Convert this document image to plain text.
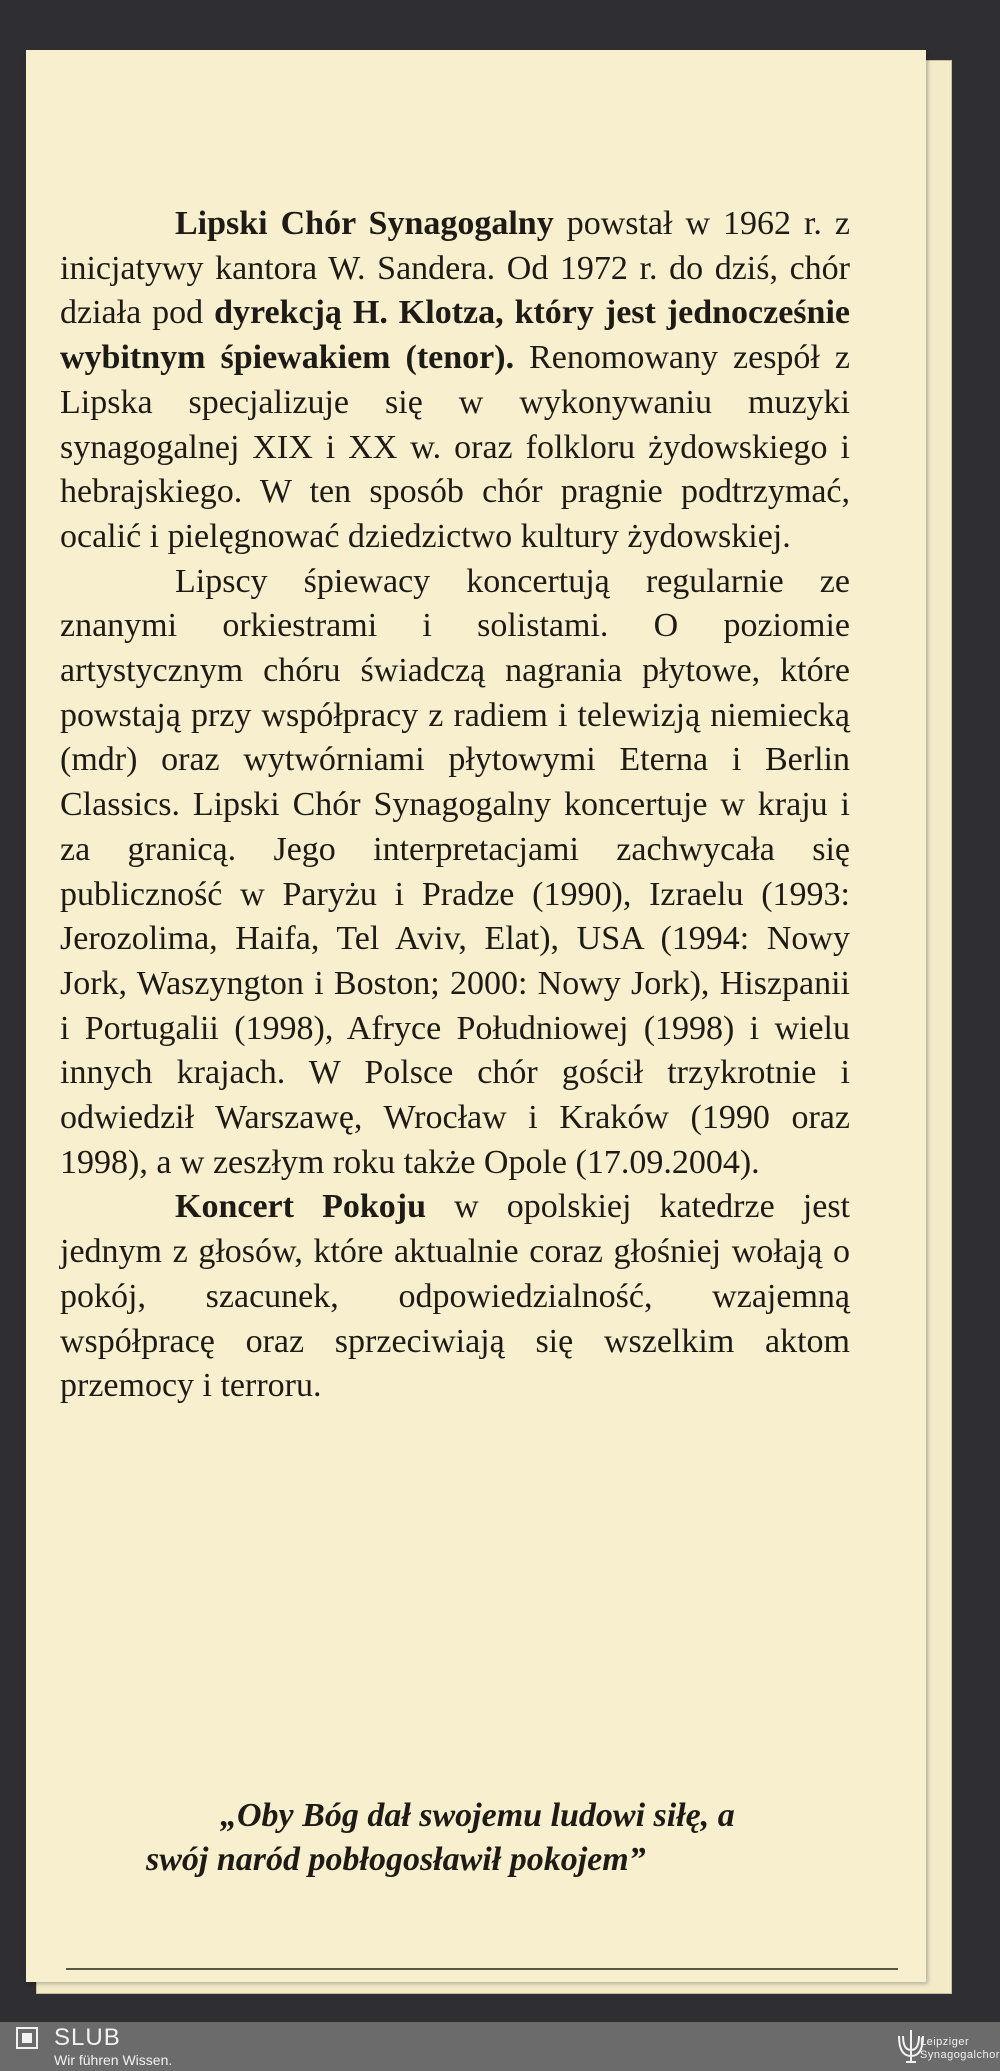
Lipski Chór Synagogalny powstał w 1962 r. z inicjatywy kantora W. Sandera. Od 1972 r. do dziś, chór działa pod dyrekcją H. Klotza, który jest jednocześnie wybitnym śpiewakiem (tenor). Renomowany zespół z Lipska specjalizuje się w wykonywaniu muzyki synagogalnej XIX i XX w. oraz folkloru żydowskiego i hebrajskiego. W ten sposób chór pragnie podtrzymać, ocalić i pielęgnować dziedzictwo kultury żydowskiej.

Lipscy śpiewacy koncertują regularnie ze znanymi orkiestrami i solistami. O poziomie artystycznym chóru świadczą nagrania płytowe, które powstają przy współpracy z radiem i telewizją niemiecką (mdr) oraz wytwórniami płytowymi Eterna i Berlin Classics. Lipski Chór Synagogalny koncertuje w kraju i za granicą. Jego interpretacjami zachwycała się publiczność w Paryżu i Pradze (1990), Izraelu (1993: Jerozolima, Haifa, Tel Aviv, Elat), USA (1994: Nowy Jork, Waszyngton i Boston; 2000: Nowy Jork), Hiszpanii i Portugalii (1998), Afryce Południowej (1998) i wielu innych krajach. W Polsce chór gościł trzykrotnie i odwiedził Warszawę, Wrocław i Kraków (1990 oraz 1998), a w zeszłym roku także Opole (17.09.2004).

Koncert Pokoju w opolskiej katedrze jest jednym z głosów, które aktualnie coraz głośniej wołają o pokój, szacunek, odpowiedzialność, wzajemną współpracę oraz sprzeciwiają się wszelkim aktom przemocy i terroru.

„Oby Bóg dał swojemu ludowi siłę, a
swój naród pobłogosławił pokojem”
SLUB
Wir führen Wissen.
Leipziger
Synagogalchor
